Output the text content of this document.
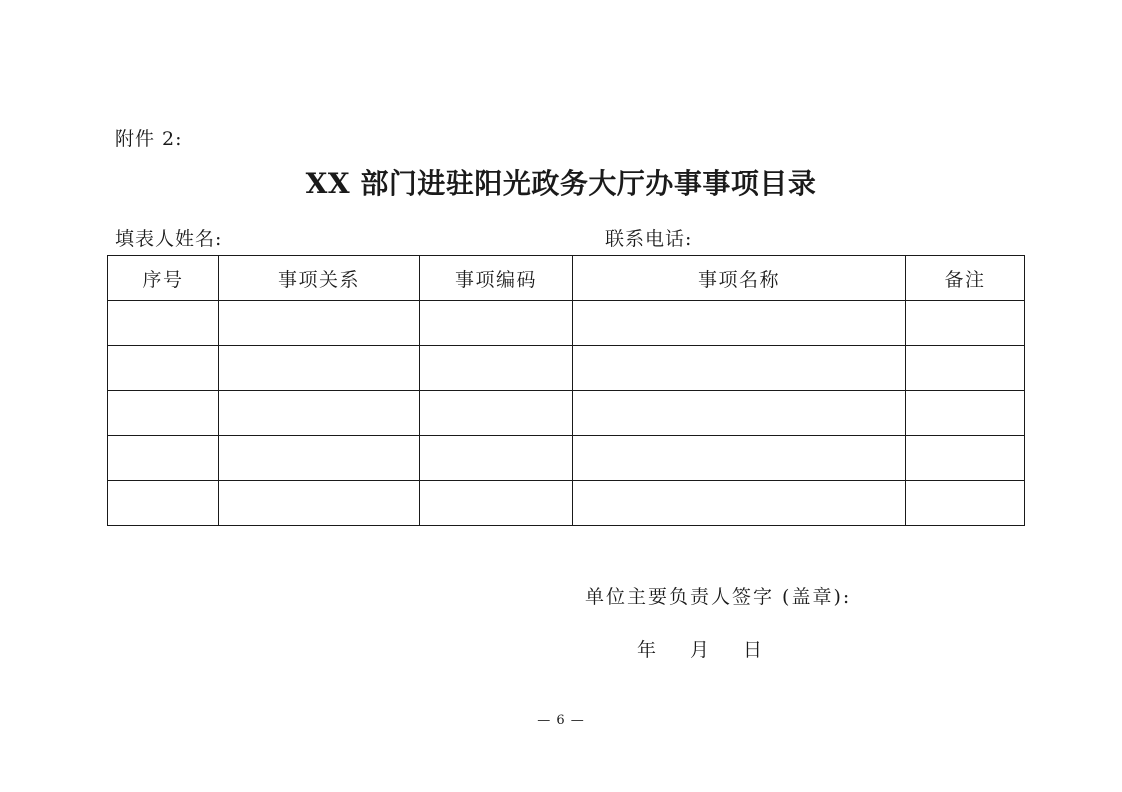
附件 2:
XX 部门进驻阳光政务大厅办事事项目录
填表人姓名:	联系电话:
序号	事项关系	事项编码	事项名称	备注

单位主要负责人签字 (盖章):
年 月 日
— 6 —
